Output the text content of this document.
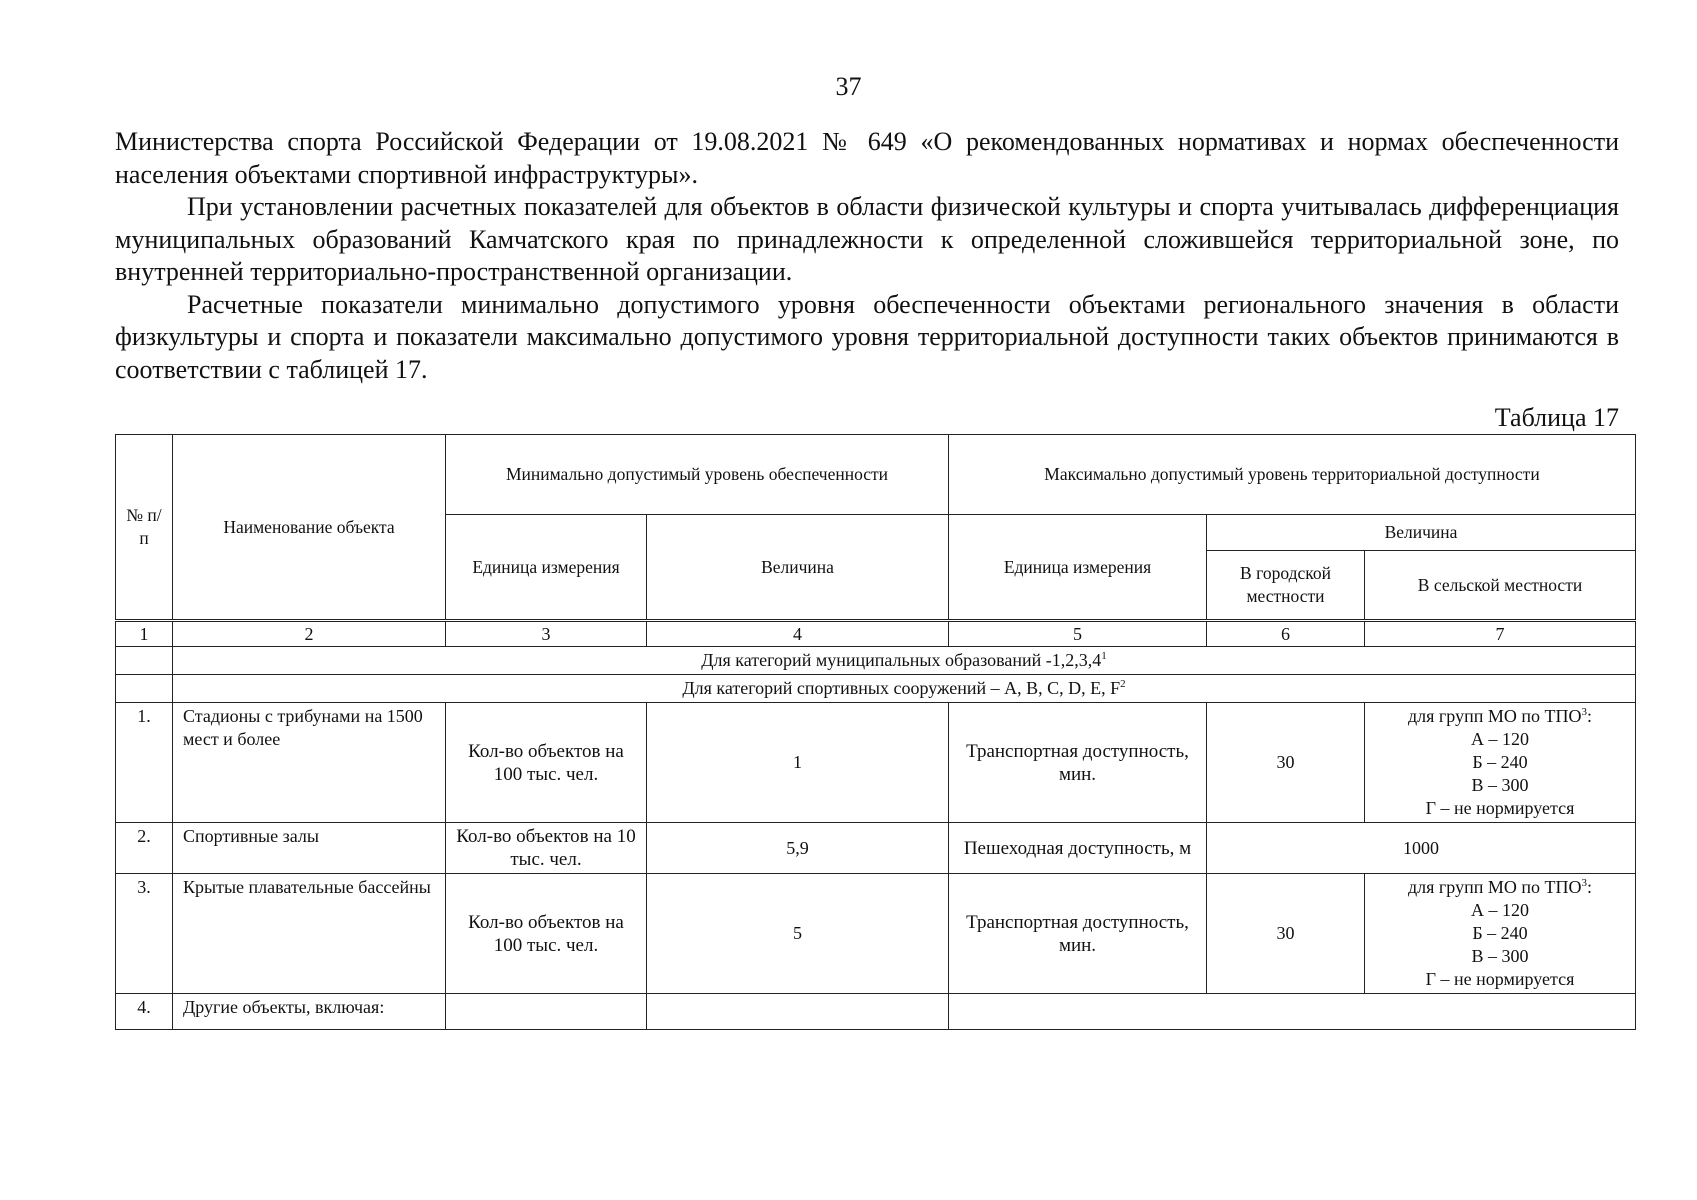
37

Министерства спорта Российской Федерации от 19.08.2021 № 649 «О рекомендованных нормативах и нормах обеспеченности населения объектами спортивной инфраструктуры».

При установлении расчетных показателей для объектов в области физической культуры и спорта учитывалась дифференциация муниципальных образований Камчатского края по принадлежности к определенной сложившейся территориальной зоне, по внутренней территориально-пространственной организации.

Расчетные показатели минимально допустимого уровня обеспеченности объектами регионального значения в области физкультуры и спорта и показатели максимально допустимого уровня территориальной доступности таких объектов принимаются в соответствии с таблицей 17.

Таблица 17
№ п/п	Наименование объекта	Минимально допустимый уровень обеспеченности		Максимально допустимый уровень территориальной доступности		
		Единица измерения	Величина	Единица измерения	Величина	
					В городской местности	В сельской местности
1	2	3	4	5	6	7
	Для категорий муниципальных образований -1,2,3,4$^1$
	Для категорий спортивных сооружений – A, B, C, D, E, $F^2$
1.	Стадионы с трибунами на 1500 мест и более	Кол-во объектов на 100 тыс. чел.	1	Транспортная доступность, мин.	30	для групп МО по ТПО$^3$:
А – 120
Б – 240
В – 300
Г – не нормируется

2.	Спортивные залы	Кол-во объектов на 10 тыс. чел.	5,9	Пешеходная доступность, м	1000	
3.	Крытые плавательные бассейны	Кол-во объектов на 100 тыс. чел.	5	Транспортная доступность, мин.	30	для групп МО по ТПО$^3$:
А – 120
Б – 240
В – 300
Г – не нормируется

4.	Другие объекты, включая:					
